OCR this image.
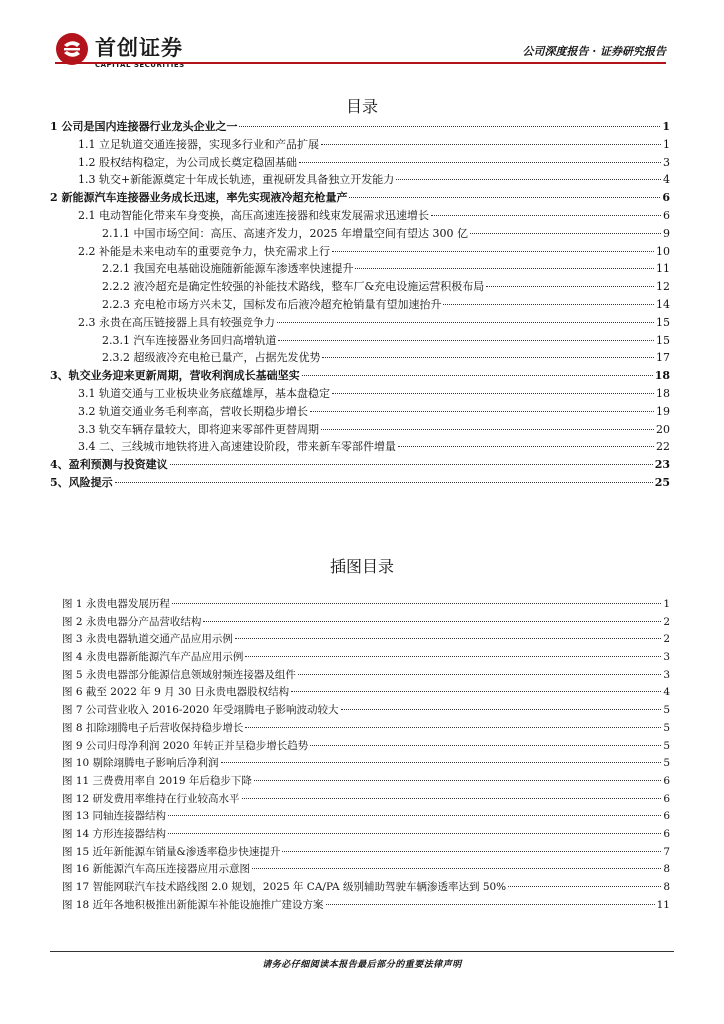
首创证券
CAPITAL SECURITIES
公司深度报告 · 证券研究报告
目录
1 公司是国内连接器行业龙头企业之一	1
1.1 立足轨道交通连接器，实现多行业和产品扩展	1
1.2 股权结构稳定，为公司成长奠定稳固基础	3
1.3 轨交+新能源奠定十年成长轨迹，重视研发具备独立开发能力	4
2 新能源汽车连接器业务成长迅速，率先实现液冷超充枪量产	6
2.1 电动智能化带来车身变换，高压高速连接器和线束发展需求迅速增长	6
2.1.1 中国市场空间：高压、高速齐发力，2025 年增量空间有望达 300 亿	9
2.2 补能是未来电动车的重要竞争力，快充需求上行	10
2.2.1 我国充电基础设施随新能源车渗透率快速提升	11
2.2.2 液冷超充是确定性较强的补能技术路线，整车厂&充电设施运营积极布局	12
2.2.3 充电枪市场方兴未艾，国标发布后液冷超充枪销量有望加速抬升	14
2.3 永贵在高压链接器上具有较强竞争力	15
2.3.1 汽车连接器业务回归高增轨道	15
2.3.2 超级液冷充电枪已量产，占据先发优势	17
3、轨交业务迎来更新周期，营收利润成长基础坚实	18
3.1 轨道交通与工业板块业务底蕴雄厚，基本盘稳定	18
3.2 轨道交通业务毛利率高，营收长期稳步增长	19
3.3 轨交车辆存量较大，即将迎来零部件更替周期	20
3.4 二、三线城市地铁将进入高速建设阶段，带来新车零部件增量	22
4、盈利预测与投资建议	23
5、风险提示	25
插图目录
图 1 永贵电器发展历程	1
图 2 永贵电器分产品营收结构	2
图 3 永贵电器轨道交通产品应用示例	2
图 4 永贵电器新能源汽车产品应用示例	3
图 5 永贵电器部分能源信息领域射频连接器及组件	3
图 6 截至 2022 年 9 月 30 日永贵电器股权结构	4
图 7 公司营业收入 2016-2020 年受翊腾电子影响波动较大	5
图 8 扣除翊腾电子后营收保持稳步增长	5
图 9 公司归母净利润 2020 年转正并呈稳步增长趋势	5
图 10 剔除翊腾电子影响后净利润	5
图 11 三费费用率自 2019 年后稳步下降	6
图 12 研发费用率维持在行业较高水平	6
图 13 同轴连接器结构	6
图 14 方形连接器结构	6
图 15 近年新能源车销量&渗透率稳步快速提升	7
图 16 新能源汽车高压连接器应用示意图	8
图 17 智能网联汽车技术路线图 2.0 规划，2025 年 CA/PA 级别辅助驾驶车辆渗透率达到 50%	8
图 18 近年各地积极推出新能源车补能设施推广建设方案	11
请务必仔细阅读本报告最后部分的重要法律声明
